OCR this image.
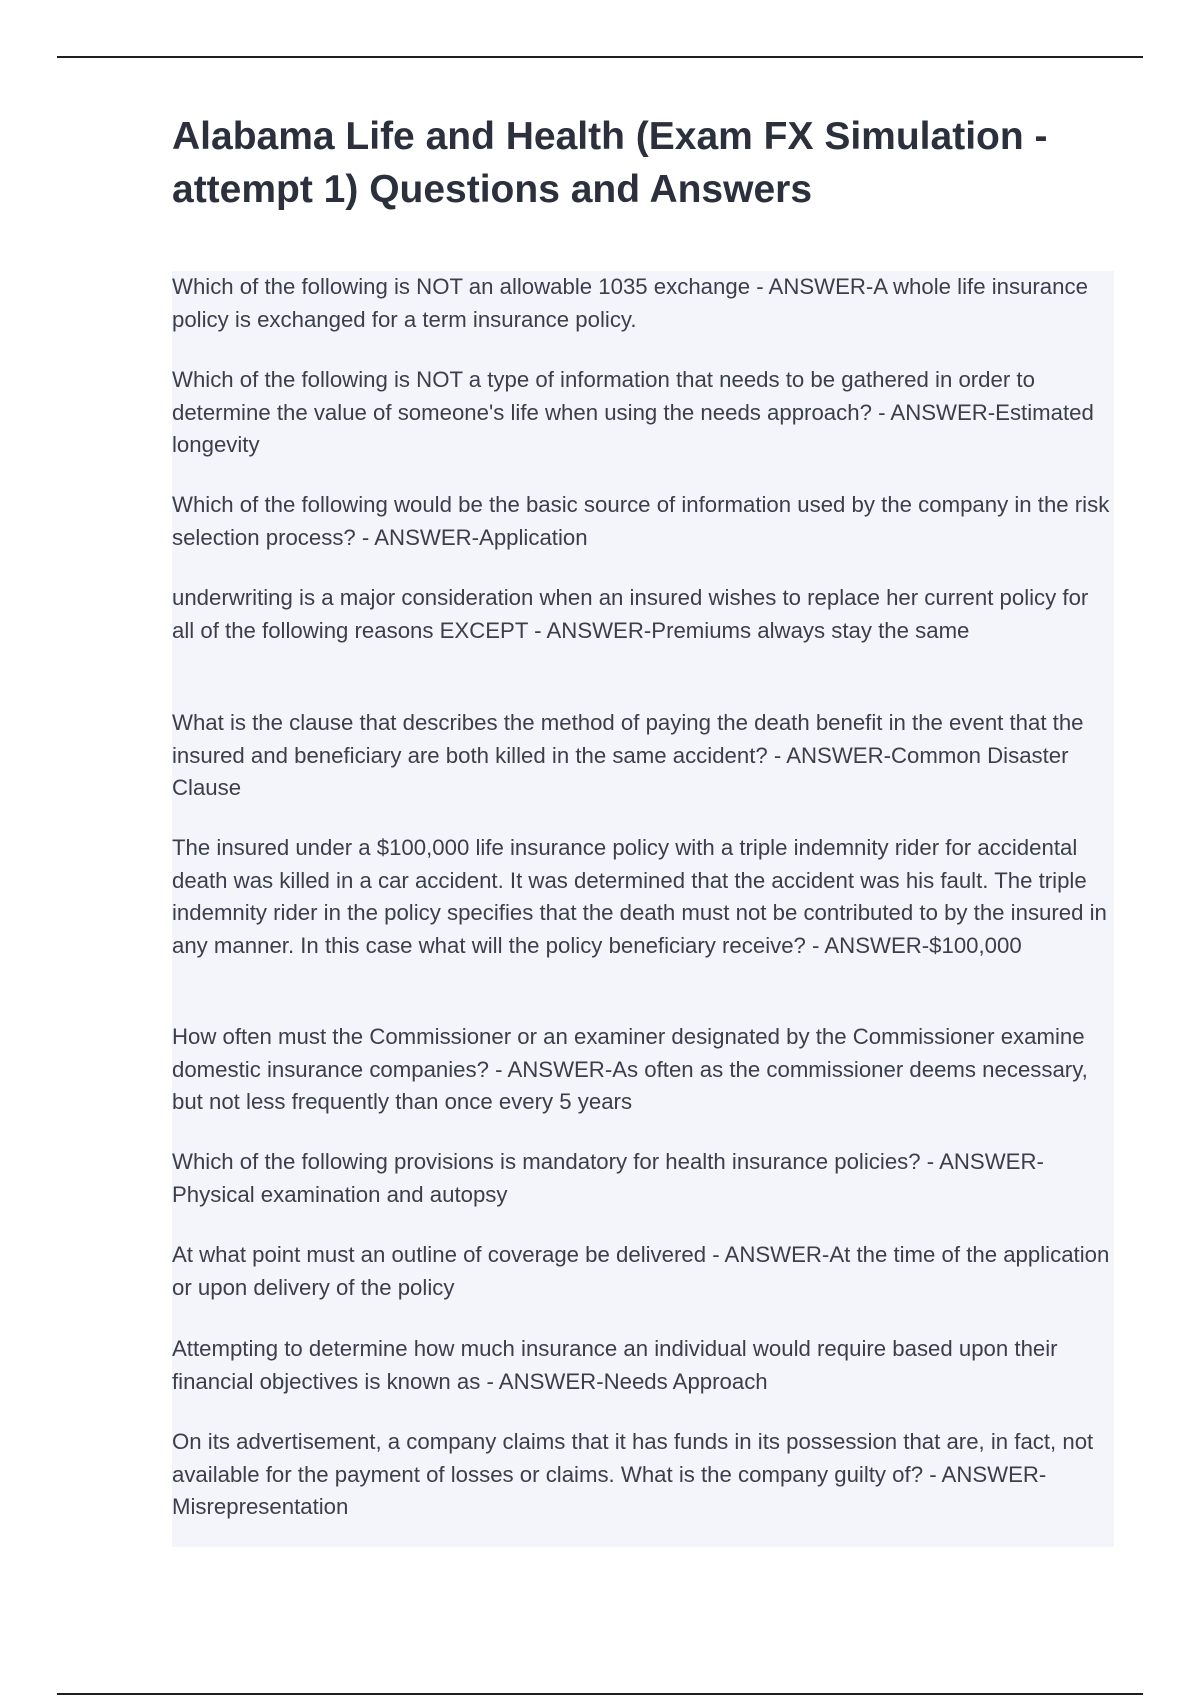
Alabama Life and Health (Exam FX Simulation - attempt 1) Questions and Answers

Which of the following is NOT an allowable 1035 exchange - ANSWER-A whole life insurance policy is exchanged for a term insurance policy.

Which of the following is NOT a type of information that needs to be gathered in order to determine the value of someone's life when using the needs approach? - ANSWER-Estimated longevity

Which of the following would be the basic source of information used by the company in the risk selection process? - ANSWER-Application

underwriting is a major consideration when an insured wishes to replace her current policy for all of the following reasons EXCEPT - ANSWER-Premiums always stay the same

What is the clause that describes the method of paying the death benefit in the event that the insured and beneficiary are both killed in the same accident? - ANSWER-Common Disaster Clause

The insured under a $100,000 life insurance policy with a triple indemnity rider for accidental death was killed in a car accident. It was determined that the accident was his fault. The triple indemnity rider in the policy specifies that the death must not be contributed to by the insured in any manner. In this case what will the policy beneficiary receive? - ANSWER-$100,000

How often must the Commissioner or an examiner designated by the Commissioner examine domestic insurance companies? - ANSWER-As often as the commissioner deems necessary, but not less frequently than once every 5 years

Which of the following provisions is mandatory for health insurance policies? - ANSWER-Physical examination and autopsy

At what point must an outline of coverage be delivered - ANSWER-At the time of the application or upon delivery of the policy

Attempting to determine how much insurance an individual would require based upon their financial objectives is known as - ANSWER-Needs Approach

On its advertisement, a company claims that it has funds in its possession that are, in fact, not available for the payment of losses or claims. What is the company guilty of? - ANSWER-Misrepresentation
